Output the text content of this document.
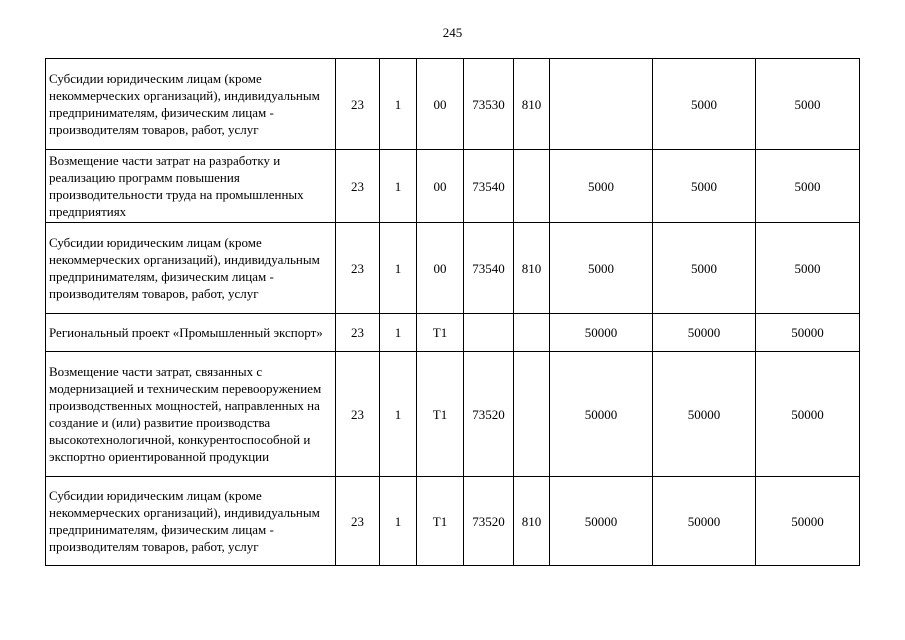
245
Субсидии юридическим лицам (кроме некоммерческих организаций), индивидуальным предпринимателям, физическим лицам - производителям товаров, работ, услуг	23	1	00	73530	810		5000	5000
Возмещение части затрат на разработку и реализацию программ повышения производительности труда на промышленных предприятиях	23	1	00	73540		5000	5000	5000
Субсидии юридическим лицам (кроме некоммерческих организаций), индивидуальным предпринимателям, физическим лицам - производителям товаров, работ, услуг	23	1	00	73540	810	5000	5000	5000
Региональный проект «Промышленный экспорт»	23	1	Т1			50000	50000	50000
Возмещение части затрат, связанных с модернизацией и техническим перевооружением производственных мощностей, направленных на создание и (или) развитие производства высокотехнологичной, конкурентоспособной и экспортно ориентированной продукции	23	1	Т1	73520		50000	50000	50000
Субсидии юридическим лицам (кроме некоммерческих организаций), индивидуальным предпринимателям, физическим лицам - производителям товаров, работ, услуг	23	1	Т1	73520	810	50000	50000	50000
